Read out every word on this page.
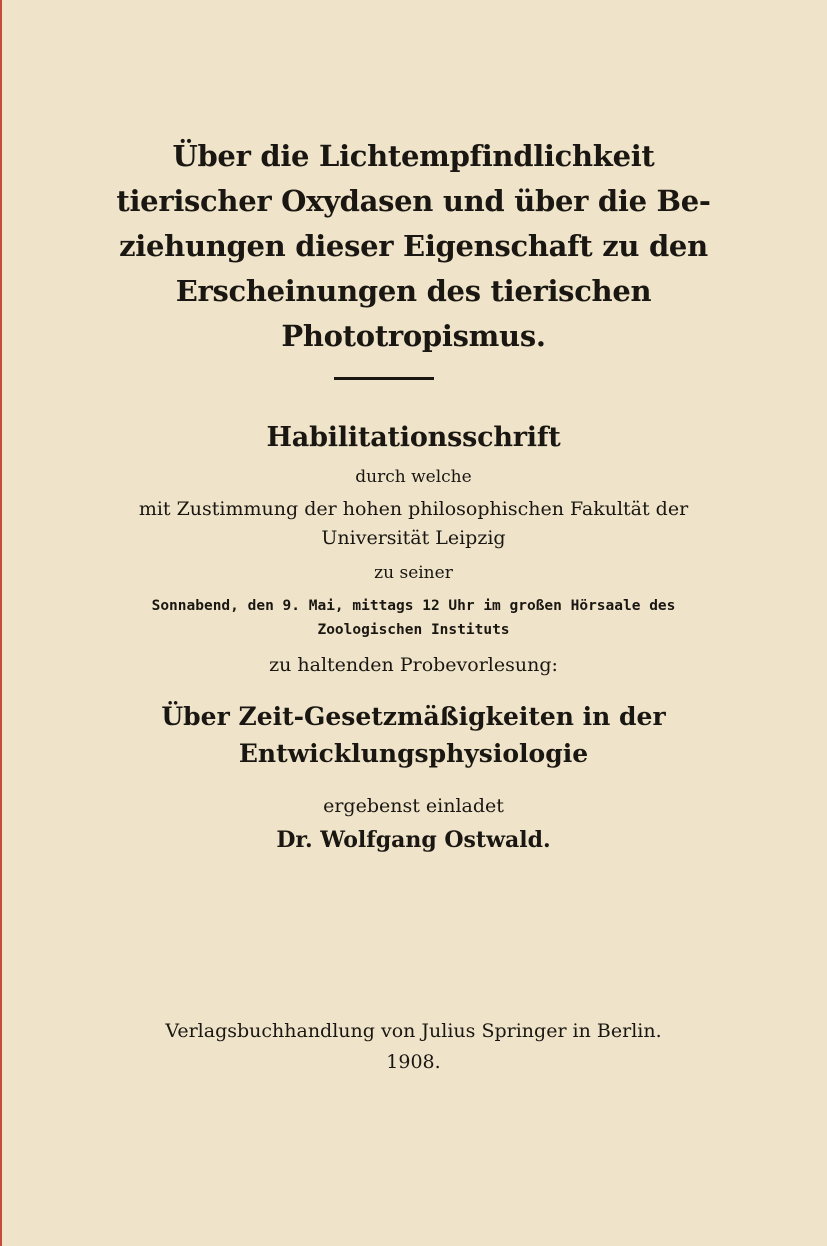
Über die Lichtempfindlichkeit
tierischer Oxydasen und über die Be-
ziehungen dieser Eigenschaft zu den
Erscheinungen des tierischen
Phototropismus.
Habilitationsschrift
durch welche
mit Zustimmung der hohen philosophischen Fakultät der
Universität Leipzig
zu seiner
Sonnabend, den 9. Mai, mittags 12 Uhr im großen Hörsaale des
Zoologischen Instituts
zu haltenden Probevorlesung:
Über Zeit-Gesetzmäßigkeiten in der
Entwicklungsphysiologie
ergebenst einladet
Dr. Wolfgang Ostwald.
Verlagsbuchhandlung von Julius Springer in Berlin.
1908.
